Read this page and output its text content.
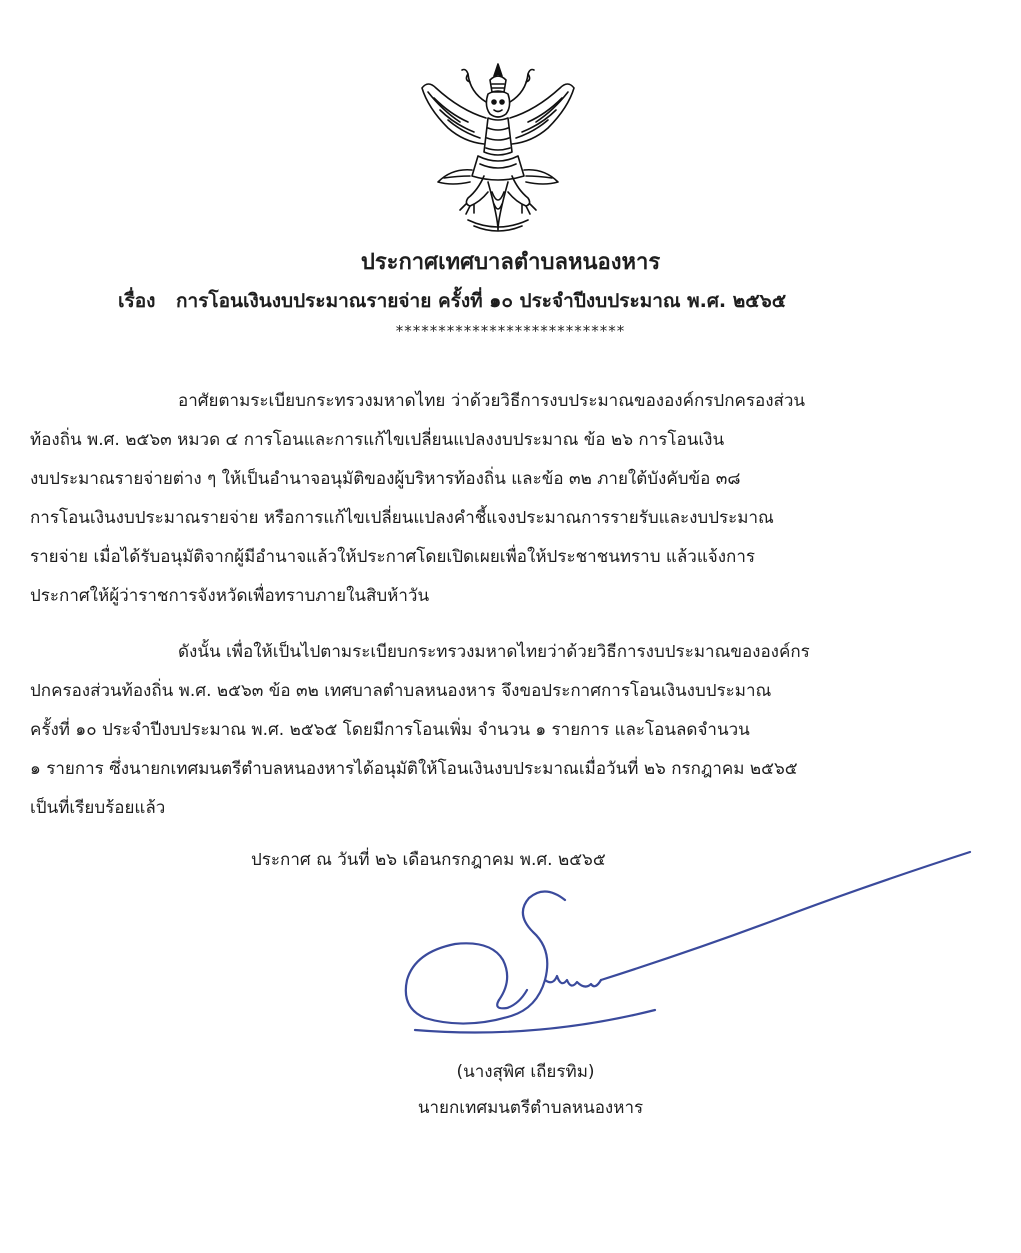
ประกาศเทศบาลตำบลหนองหาร
เรื่อง การโอนเงินงบประมาณรายจ่าย ครั้งที่ ๑๐ ประจำปีงบประมาณ พ.ศ. ๒๕๖๕
***************************
อาศัยตามระเบียบกระทรวงมหาดไทย ว่าด้วยวิธีการงบประมาณขององค์กรปกครองส่วน
ท้องถิ่น พ.ศ. ๒๕๖๓ หมวด ๔ การโอนและการแก้ไขเปลี่ยนแปลงงบประมาณ ข้อ ๒๖ การโอนเงิน
งบประมาณรายจ่ายต่าง ๆ ให้เป็นอำนาจอนุมัติของผู้บริหารท้องถิ่น และข้อ ๓๒ ภายใต้บังคับข้อ ๓๘
การโอนเงินงบประมาณรายจ่าย หรือการแก้ไขเปลี่ยนแปลงคำชี้แจงประมาณการรายรับและงบประมาณ
รายจ่าย เมื่อได้รับอนุมัติจากผู้มีอำนาจแล้วให้ประกาศโดยเปิดเผยเพื่อให้ประชาชนทราบ แล้วแจ้งการ
ประกาศให้ผู้ว่าราชการจังหวัดเพื่อทราบภายในสิบห้าวัน
ดังนั้น เพื่อให้เป็นไปตามระเบียบกระทรวงมหาดไทยว่าด้วยวิธีการงบประมาณขององค์กร
ปกครองส่วนท้องถิ่น พ.ศ. ๒๕๖๓ ข้อ ๓๒ เทศบาลตำบลหนองหาร จึงขอประกาศการโอนเงินงบประมาณ
ครั้งที่ ๑๐ ประจำปีงบประมาณ พ.ศ. ๒๕๖๕ โดยมีการโอนเพิ่ม จำนวน ๑ รายการ และโอนลดจำนวน
๑ รายการ ซึ่งนายกเทศมนตรีตำบลหนองหารได้อนุมัติให้โอนเงินงบประมาณเมื่อวันที่ ๒๖ กรกฎาคม ๒๕๖๕
เป็นที่เรียบร้อยแล้ว
ประกาศ ณ วันที่ ๒๖ เดือนกรกฎาคม พ.ศ. ๒๕๖๕
(นางสุพิศ เถียรทิม)
นายกเทศมนตรีตำบลหนองหาร
